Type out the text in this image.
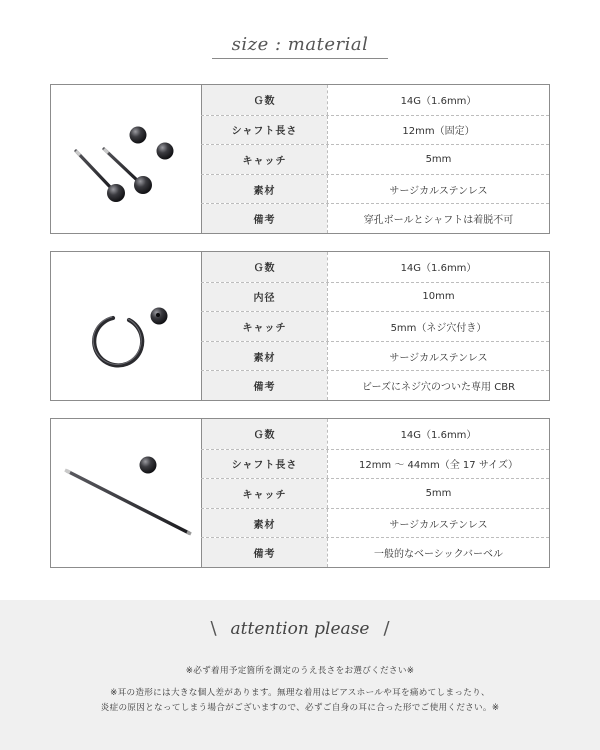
size : material
Ｇ数	14G（1.6mm）
シャフト長さ	12mm（固定）
キャッチ	5mm
素材	サージカルステンレス
備考	穿孔ボールとシャフトは着脱不可
Ｇ数	14G（1.6mm）
内径	10mm
キャッチ	5mm（ネジ穴付き）
素材	サージカルステンレス
備考	ビーズにネジ穴のついた専用 CBR
Ｇ数	14G（1.6mm）
シャフト長さ	12mm ～ 44mm（全 17 サイズ）
キャッチ	5mm
素材	サージカルステンレス
備考	一般的なベーシックバーベル
\ attention please /
※必ず着用予定箇所を測定のうえ長さをお選びください※
※耳の造形には大きな個人差があります。無理な着用はピアスホールや耳を痛めてしまったり、
炎症の原因となってしまう場合がございますので、必ずご自身の耳に合った形でご使用ください。※
